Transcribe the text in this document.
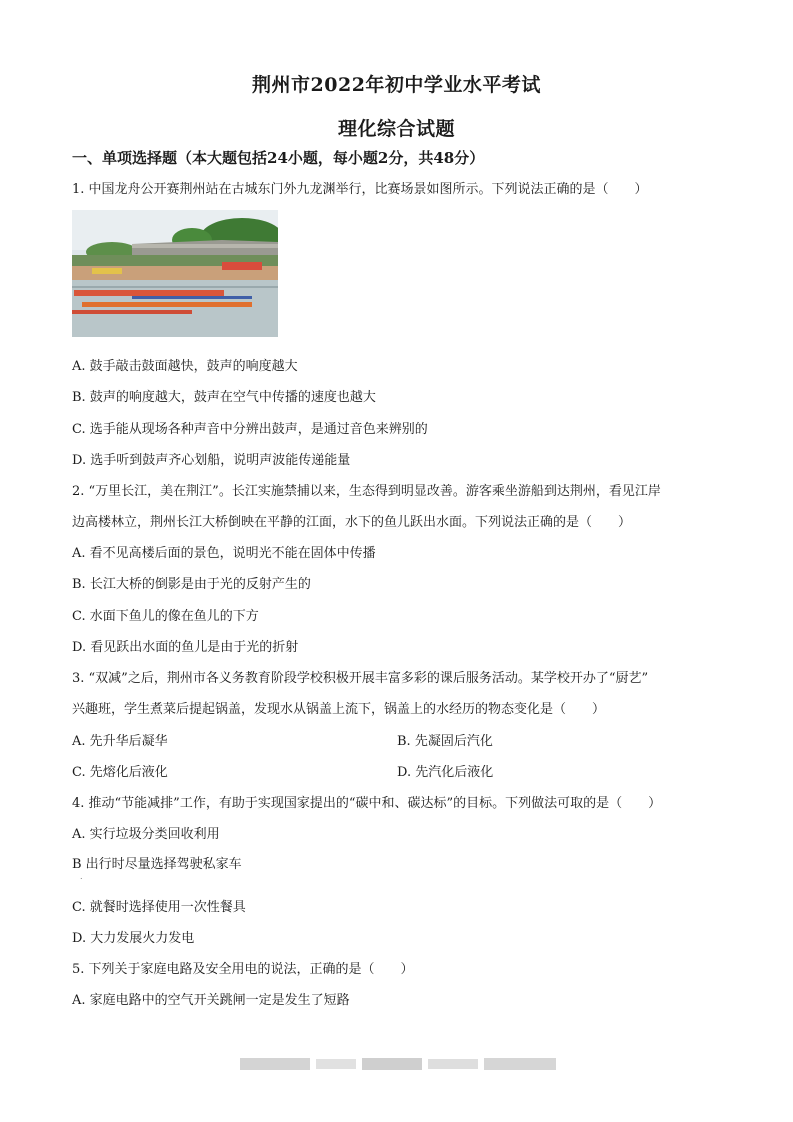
荆州市2022年初中学业水平考试
理化综合试题
一、单项选择题（本大题包括24小题，每小题2分，共48分）
1. 中国龙舟公开赛荆州站在古城东门外九龙渊举行，比赛场景如图所示。下列说法正确的是（　　）
A. 鼓手敲击鼓面越快，鼓声的响度越大
B. 鼓声的响度越大，鼓声在空气中传播的速度也越大
C. 选手能从现场各种声音中分辨出鼓声，是通过音色来辨别的
D. 选手听到鼓声齐心划船，说明声波能传递能量
2. “万里长江，美在荆江”。长江实施禁捕以来，生态得到明显改善。游客乘坐游船到达荆州，看见江岸
边高楼林立，荆州长江大桥倒映在平静的江面，水下的鱼儿跃出水面。下列说法正确的是（　　）
A. 看不见高楼后面的景色，说明光不能在固体中传播
B. 长江大桥的倒影是由于光的反射产生的
C. 水面下鱼儿的像在鱼儿的下方
D. 看见跃出水面的鱼儿是由于光的折射
3. “双减”之后，荆州市各义务教育阶段学校积极开展丰富多彩的课后服务活动。某学校开办了“厨艺”
兴趣班，学生煮菜后提起锅盖，发现水从锅盖上流下，锅盖上的水经历的物态变化是（　　）
A. 先升华后凝华	B. 先凝固后汽化
C. 先熔化后液化	D. 先汽化后液化
4. 推动“节能减排”工作，有助于实现国家提出的“碳中和、碳达标”的目标。下列做法可取的是（　　）
A. 实行垃圾分类回收利用
B 出行时尽量选择驾驶私家车
.
C. 就餐时选择使用一次性餐具
D. 大力发展火力发电
5. 下列关于家庭电路及安全用电的说法，正确的是（　　）
A. 家庭电路中的空气开关跳闸一定是发生了短路
